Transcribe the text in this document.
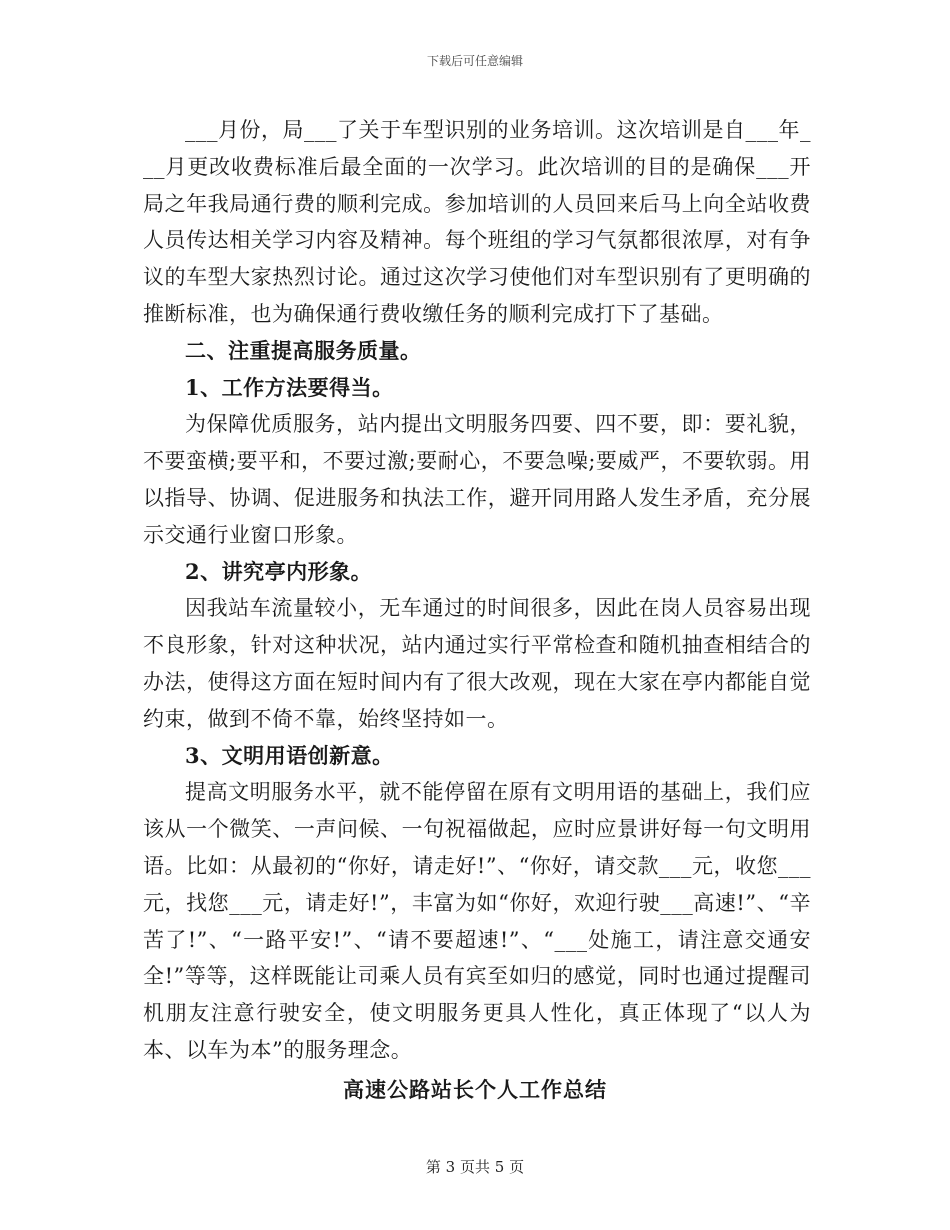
下载后可任意编辑

___月份，局___了关于车型识别的业务培训。这次培训是自___年___月更改收费标准后最全面的一次学习。此次培训的目的是确保___开局之年我局通行费的顺利完成。参加培训的人员回来后马上向全站收费人员传达相关学习内容及精神。每个班组的学习气氛都很浓厚，对有争议的车型大家热烈讨论。通过这次学习使他们对车型识别有了更明确的推断标准，也为确保通行费收缴任务的顺利完成打下了基础。

二、注重提高服务质量。

1、工作方法要得当。

为保障优质服务，站内提出文明服务四要、四不要，即：要礼貌，不要蛮横;要平和，不要过激;要耐心，不要急噪;要威严，不要软弱。用以指导、协调、促进服务和执法工作，避开同用路人发生矛盾，充分展示交通行业窗口形象。

2、讲究亭内形象。

因我站车流量较小，无车通过的时间很多，因此在岗人员容易出现不良形象，针对这种状况，站内通过实行平常检查和随机抽查相结合的办法，使得这方面在短时间内有了很大改观，现在大家在亭内都能自觉约束，做到不倚不靠，始终坚持如一。

3、文明用语创新意。

提高文明服务水平，就不能停留在原有文明用语的基础上，我们应该从一个微笑、一声问候、一句祝福做起，应时应景讲好每一句文明用语。比如：从最初的“你好，请走好!”、“你好，请交款___元，收您___元，找您___元，请走好!”，丰富为如“你好，欢迎行驶___高速!”、“辛苦了!”、“一路平安!”、“请不要超速!”、“___处施工，请注意交通安全!”等等，这样既能让司乘人员有宾至如归的感觉，同时也通过提醒司机朋友注意行驶安全，使文明服务更具人性化，真正体现了“以人为本、以车为本”的服务理念。

高速公路站长个人工作总结
第 3 页共 5 页
